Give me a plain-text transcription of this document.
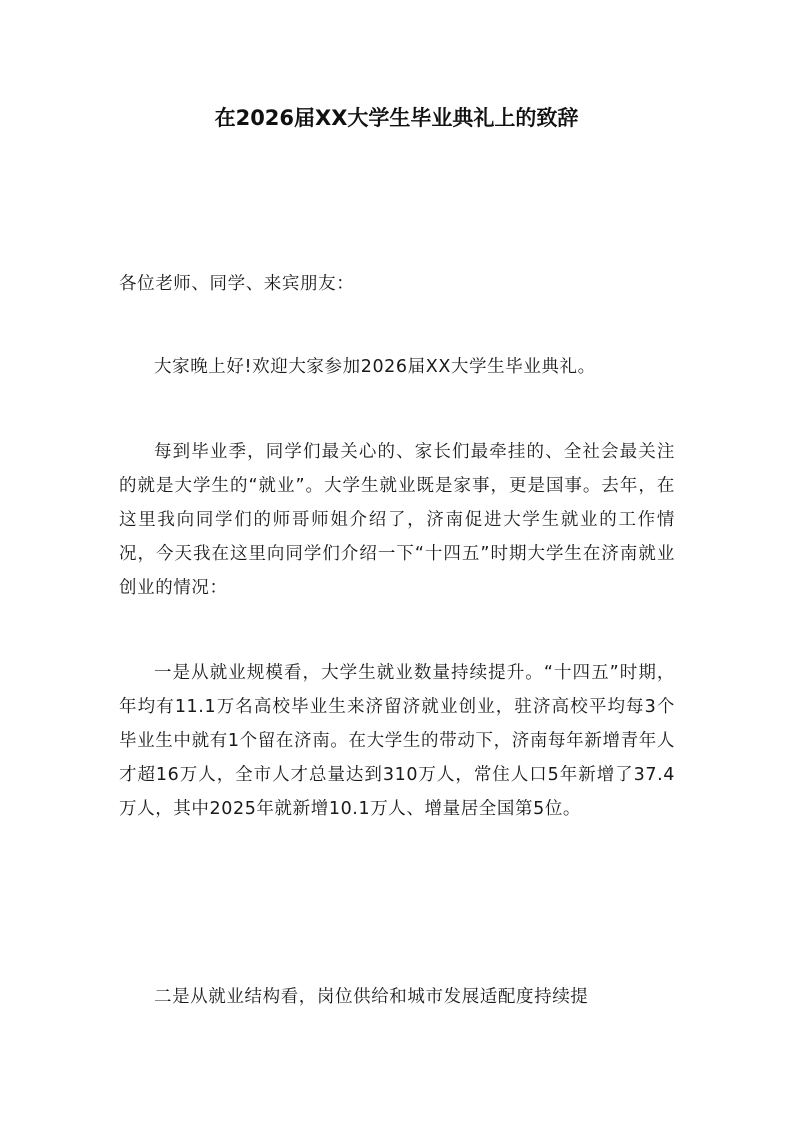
在2026届XX大学生毕业典礼上的致辞

各位老师、同学、来宾朋友：

大家晚上好!欢迎大家参加2026届XX大学生毕业典礼。

每到毕业季，同学们最关心的、家长们最牵挂的、全社会最关注的就是大学生的“就业”。大学生就业既是家事，更是国事。去年，在这里我向同学们的师哥师姐介绍了，济南促进大学生就业的工作情况，今天我在这里向同学们介绍一下“十四五”时期大学生在济南就业创业的情况：

一是从就业规模看，大学生就业数量持续提升。“十四五”时期，年均有11.1万名高校毕业生来济留济就业创业，驻济高校平均每3个毕业生中就有1个留在济南。在大学生的带动下，济南每年新增青年人才超16万人，全市人才总量达到310万人，常住人口5年新增了37.4万人，其中2025年就新增10.1万人、增量居全国第5位。

二是从就业结构看，岗位供给和城市发展适配度持续提
